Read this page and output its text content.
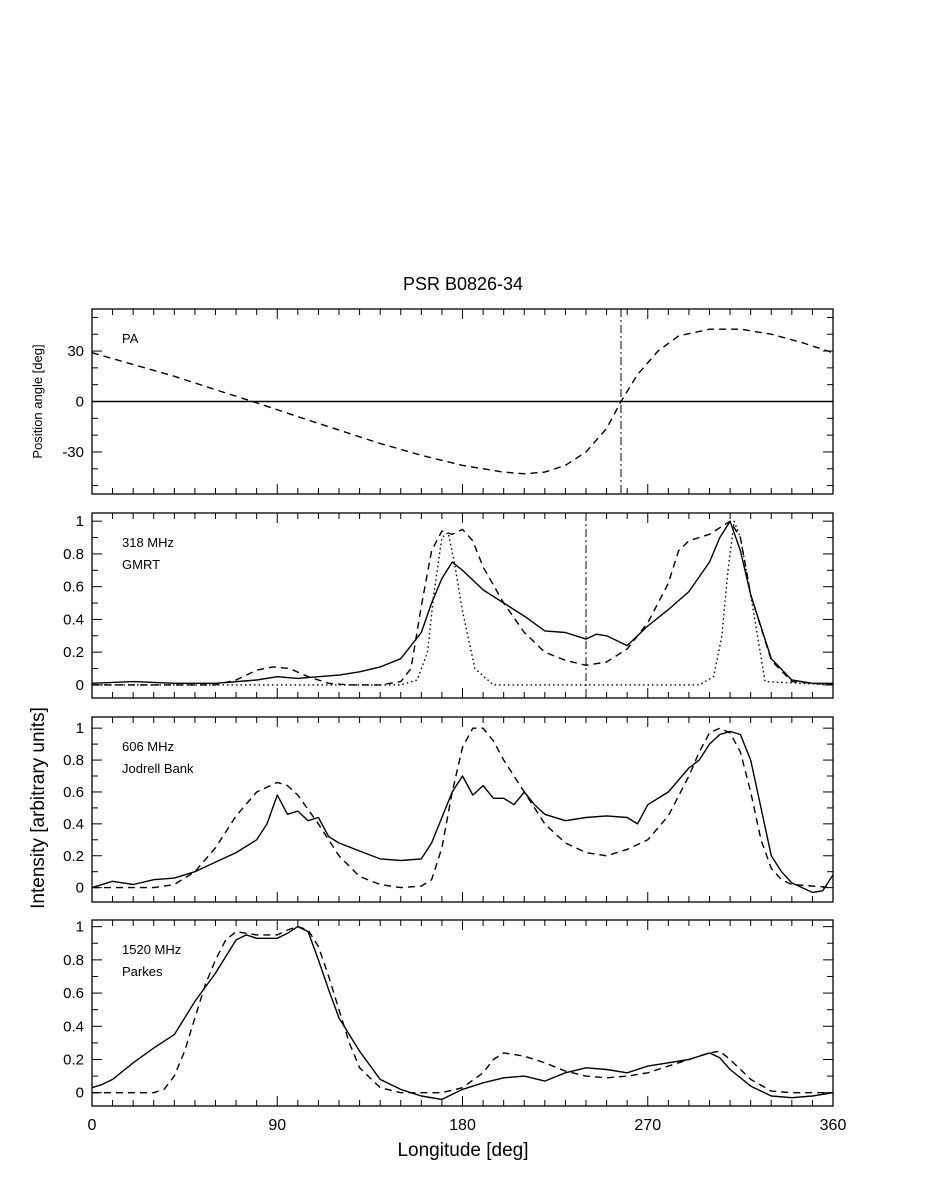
PSR B0826-34
Intensity [arbitrary units]
Longitude [deg]
-30
0
30
PA
Position angle [deg]
0
0.2
0.4
0.6
0.8
1
318 MHz
GMRT
0
0.2
0.4
0.6
0.8
1
606 MHz
Jodrell Bank
0
0.2
0.4
0.6
0.8
1
1520 MHz
Parkes
0	90	180	270	360
